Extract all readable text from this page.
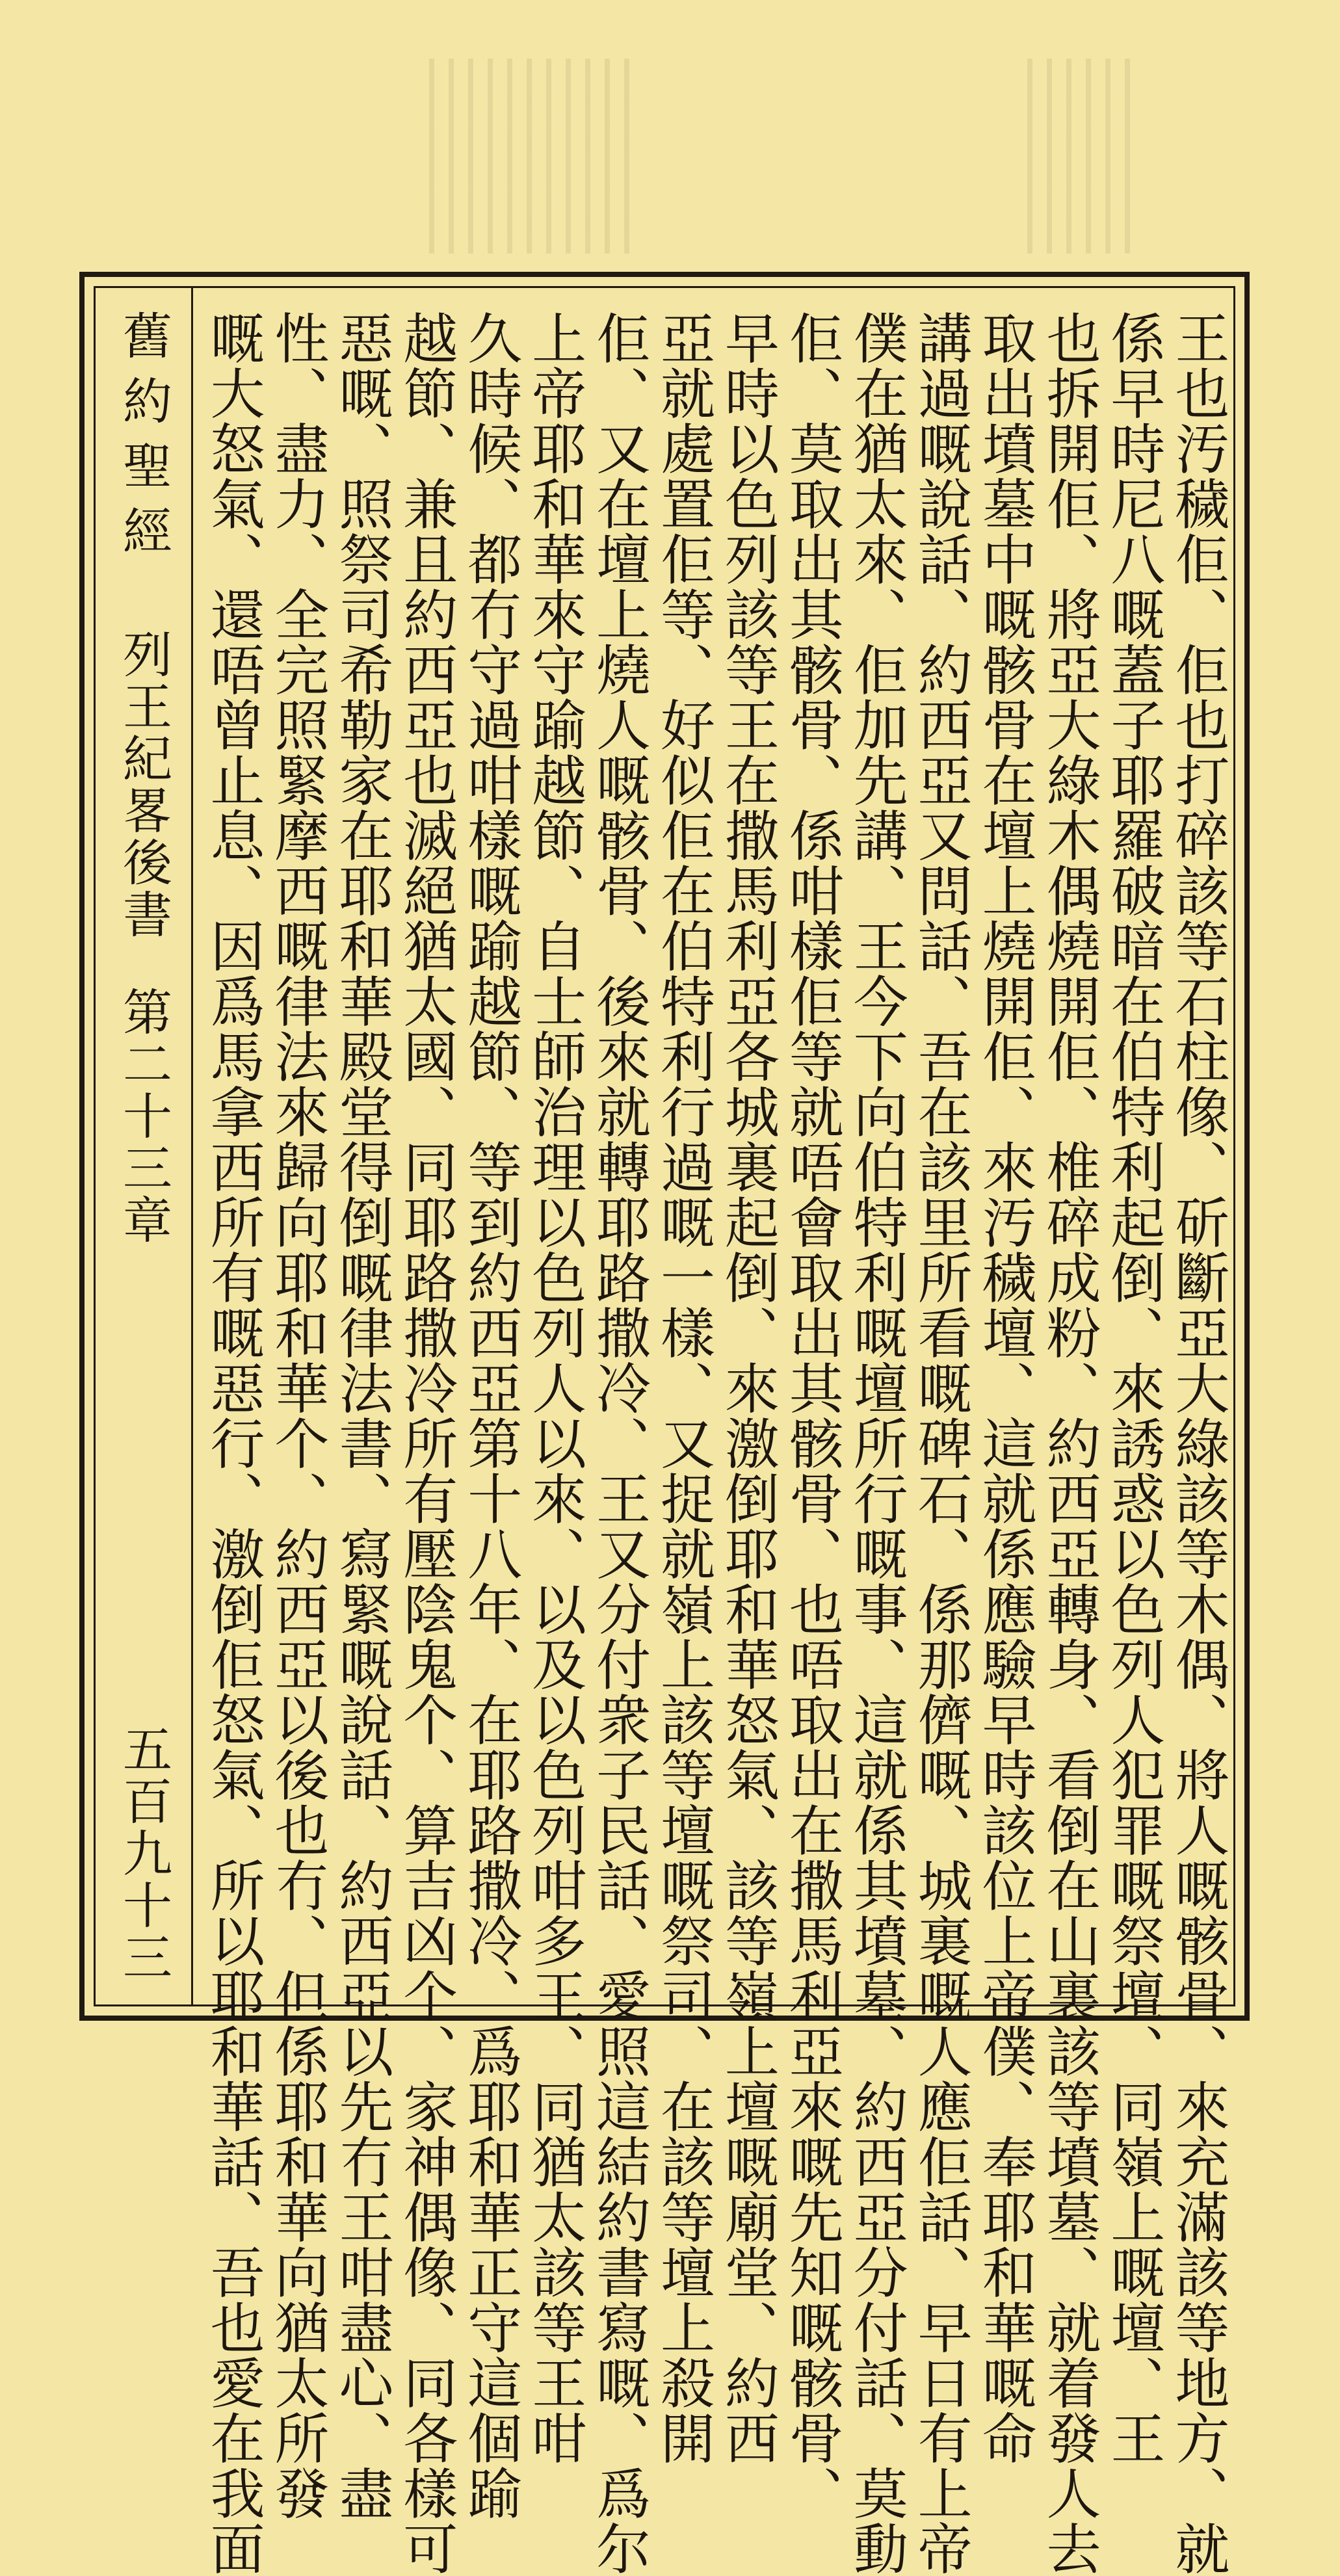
舊約聖經
列王紀畧後書
第二十三章
五百九十三	王也汚穢佢、佢也打碎該等石柱像、斫斷亞大綠該等木偶、將人嘅骸骨、來充滿該等地方、就
係早時尼八嘅蓋子耶羅破暗在伯特利起倒、來誘惑以色列人犯罪嘅祭壇、同嶺上嘅壇、王
也拆開佢、將亞大綠木偶燒開佢、椎碎成粉、約西亞轉身、看倒在山裏該等墳墓、就着發人去
取出墳墓中嘅骸骨在壇上燒開佢、來汚穢壇、這就係應驗早時該位上帝僕、奉耶和華嘅命
講過嘅說話、約西亞又問話、吾在該里所看嘅碑石、係那儕嘅、城裏嘅人應佢話、早日有上帝
僕在猶太來、佢加先講、王今下向伯特利嘅壇所行嘅事、這就係其墳墓、約西亞分付話、莫動
佢、莫取出其骸骨、係咁樣佢等就唔會取出其骸骨、也唔取出在撒馬利亞來嘅先知嘅骸骨、
早時以色列該等王在撒馬利亞各城裏起倒、來激倒耶和華怒氣、該等嶺上壇嘅廟堂、約西
亞就處置佢等、好似佢在伯特利行過嘅一樣、又捉就嶺上該等壇嘅祭司、在該等壇上殺開
佢、又在壇上燒人嘅骸骨、後來就轉耶路撒冷、王又分付衆子民話、愛照這結約書寫嘅、爲尔
上帝耶和華來守踰越節、自士師治理以色列人以來、以及以色列咁多王、同猶太該等王咁
久時候、都冇守過咁樣嘅踰越節、等到約西亞第十八年、在耶路撒冷、爲耶和華正守這個踰
越節、兼且約西亞也滅絕猶太國、同耶路撒冷所有壓陰鬼个、算吉凶个、家神偶像、同各樣可
惡嘅、照祭司希勒家在耶和華殿堂得倒嘅律法書、寫緊嘅說話、約西亞以先冇王咁盡心、盡
性、盡力、全完照緊摩西嘅律法來歸向耶和華个、約西亞以後也冇、但係耶和華向猶太所發
嘅大怒氣、還唔曾止息、因爲馬拿西所有嘅惡行、激倒佢怒氣、所以耶和華話、吾也愛在我面
